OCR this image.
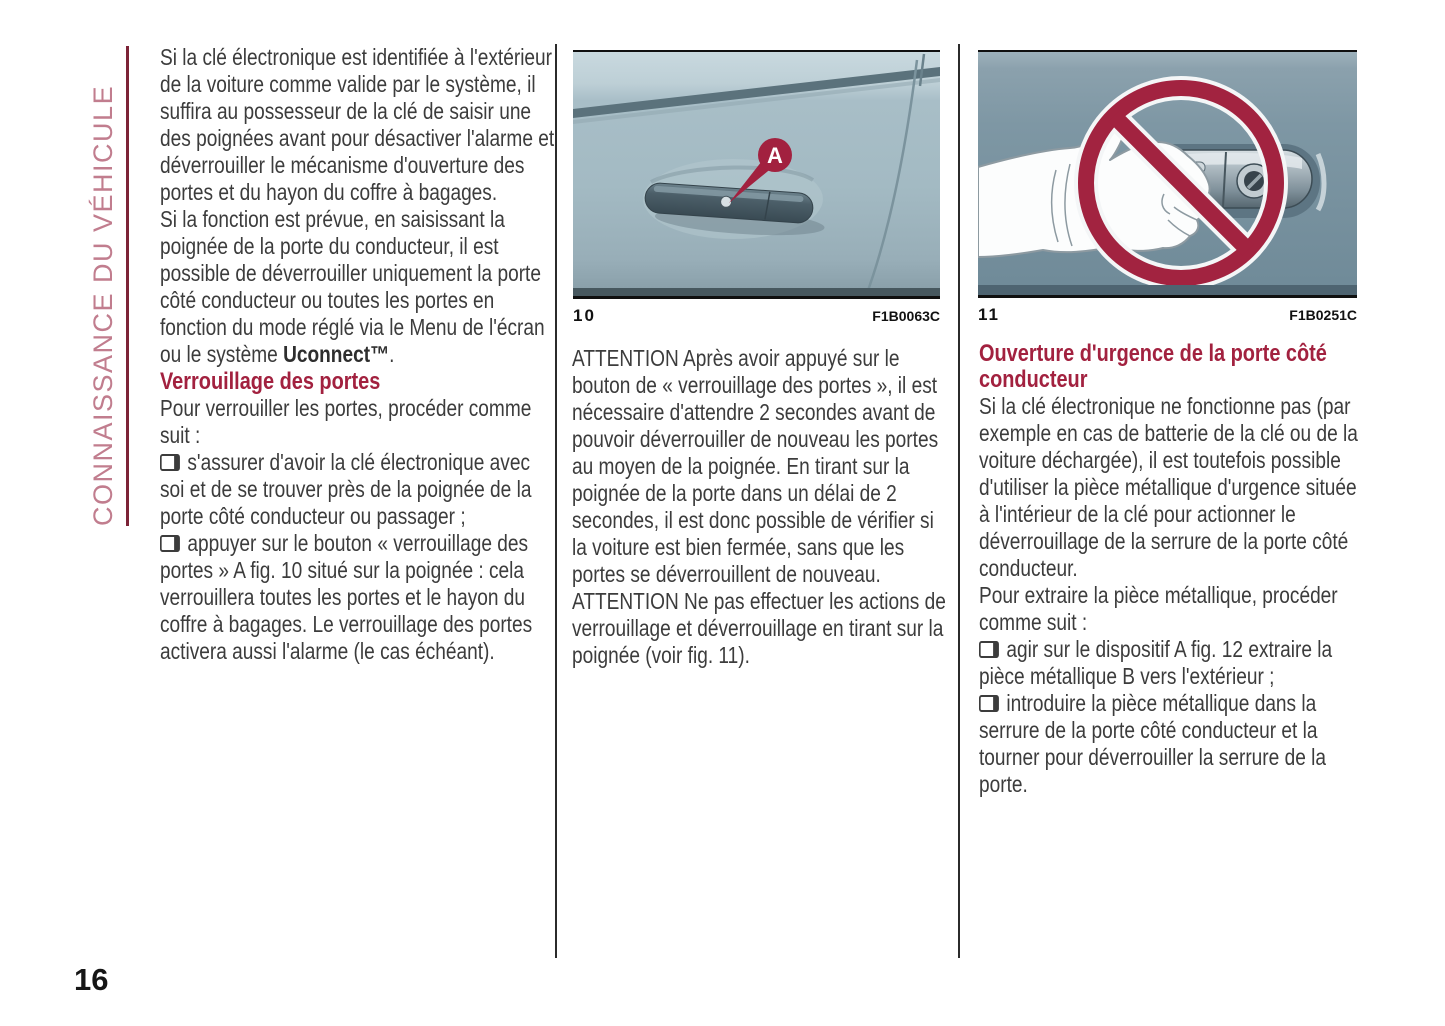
CONNAISSANCE DU VÉHICULE

Si la clé électronique est identifiée à l'extérieur de la voiture comme valide par le système, il suffira au possesseur de la clé de saisir une des poignées avant pour désactiver l'alarme et déverrouiller le mécanisme d'ouverture des portes et du hayon du coffre à bagages.

Si la fonction est prévue, en saisissant la poignée de la porte du conducteur, il est possible de déverrouiller uniquement la porte côté conducteur ou toutes les portes en fonction du mode réglé via le Menu de l'écran ou le système Uconnect™.

Verrouillage des portes

Pour verrouiller les portes, procéder comme suit :

s'assurer d'avoir la clé électronique avec soi et de se trouver près de la poignée de la porte côté conducteur ou passager ;

appuyer sur le bouton « verrouillage des portes » A fig. 10 situé sur la poignée : cela verrouillera toutes les portes et le hayon du coffre à bagages. Le verrouillage des portes activera aussi l'alarme (le cas échéant).

A
10	F1B0063C

ATTENTION Après avoir appuyé sur le bouton de « verrouillage des portes », il est nécessaire d'attendre 2 secondes avant de pouvoir déverrouiller de nouveau les portes au moyen de la poignée. En tirant sur la poignée de la porte dans un délai de 2 secondes, il est donc possible de vérifier si la voiture est bien fermée, sans que les portes se déverrouillent de nouveau.

ATTENTION Ne pas effectuer les actions de verrouillage et déverrouillage en tirant sur la poignée (voir fig. 11).

11	F1B0251C

Ouverture d'urgence de la porte côté conducteur

Si la clé électronique ne fonctionne pas (par exemple en cas de batterie de la clé ou de la voiture déchargée), il est toutefois possible d'utiliser la pièce métallique d'urgence située à l'intérieur de la clé pour actionner le déverrouillage de la serrure de la porte côté conducteur.

Pour extraire la pièce métallique, procéder comme suit :

agir sur le dispositif A fig. 12 extraire la pièce métallique B vers l'extérieur ;

introduire la pièce métallique dans la serrure de la porte côté conducteur et la tourner pour déverrouiller la serrure de la porte.

16
